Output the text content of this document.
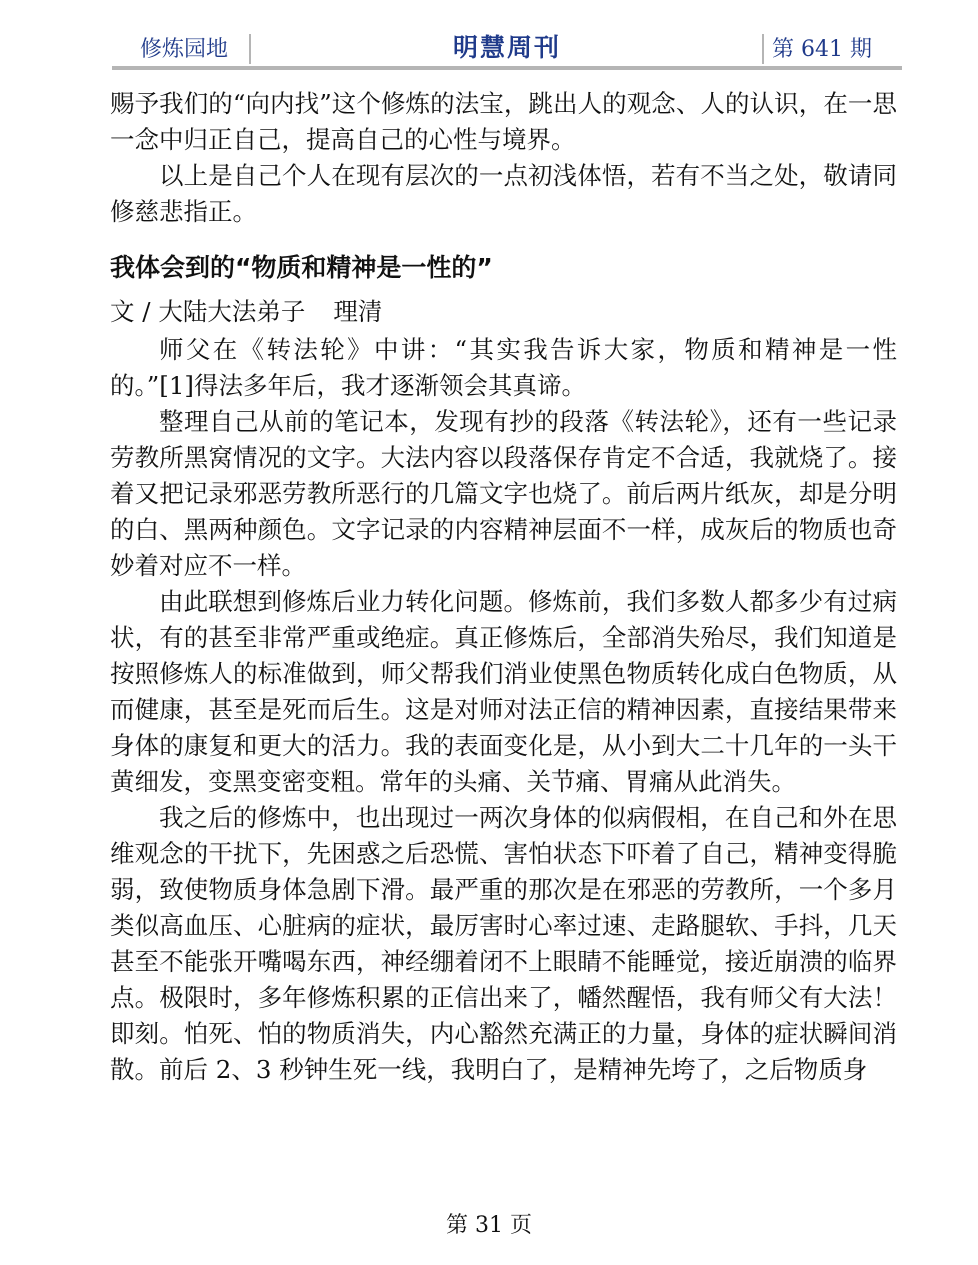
修炼园地	明慧周刊	第 641 期

赐予我们的“向内找”这个修炼的法宝，跳出人的观念、人的认识，在一思一念中归正自己，提高自己的心性与境界。

以上是自己个人在现有层次的一点初浅体悟，若有不当之处，敬请同修慈悲指正。

我体会到的“物质和精神是一性的”
文 / 大陆大法弟子 理清

师父在《转法轮》中讲：“其实我告诉大家，物质和精神是一性的。”[1]得法多年后，我才逐渐领会其真谛。

整理自己从前的笔记本，发现有抄的段落《转法轮》，还有一些记录劳教所黑窝情况的文字。大法内容以段落保存肯定不合适，我就烧了。接着又把记录邪恶劳教所恶行的几篇文字也烧了。前后两片纸灰，却是分明的白、黑两种颜色。文字记录的内容精神层面不一样，成灰后的物质也奇妙着对应不一样。

由此联想到修炼后业力转化问题。修炼前，我们多数人都多少有过病状，有的甚至非常严重或绝症。真正修炼后，全部消失殆尽，我们知道是按照修炼人的标准做到，师父帮我们消业使黑色物质转化成白色物质，从而健康，甚至是死而后生。这是对师对法正信的精神因素，直接结果带来身体的康复和更大的活力。我的表面变化是，从小到大二十几年的一头干黄细发，变黑变密变粗。常年的头痛、关节痛、胃痛从此消失。

我之后的修炼中，也出现过一两次身体的似病假相，在自己和外在思维观念的干扰下，先困惑之后恐慌、害怕状态下吓着了自己，精神变得脆弱，致使物质身体急剧下滑。最严重的那次是在邪恶的劳教所，一个多月类似高血压、心脏病的症状，最厉害时心率过速、走路腿软、手抖，几天甚至不能张开嘴喝东西，神经绷着闭不上眼睛不能睡觉，接近崩溃的临界点。极限时，多年修炼积累的正信出来了，幡然醒悟，我有师父有大法！即刻。怕死、怕的物质消失，内心豁然充满正的力量，身体的症状瞬间消散。前后 2、3 秒钟生死一线，我明白了，是精神先垮了，之后物质身

第 31 页
